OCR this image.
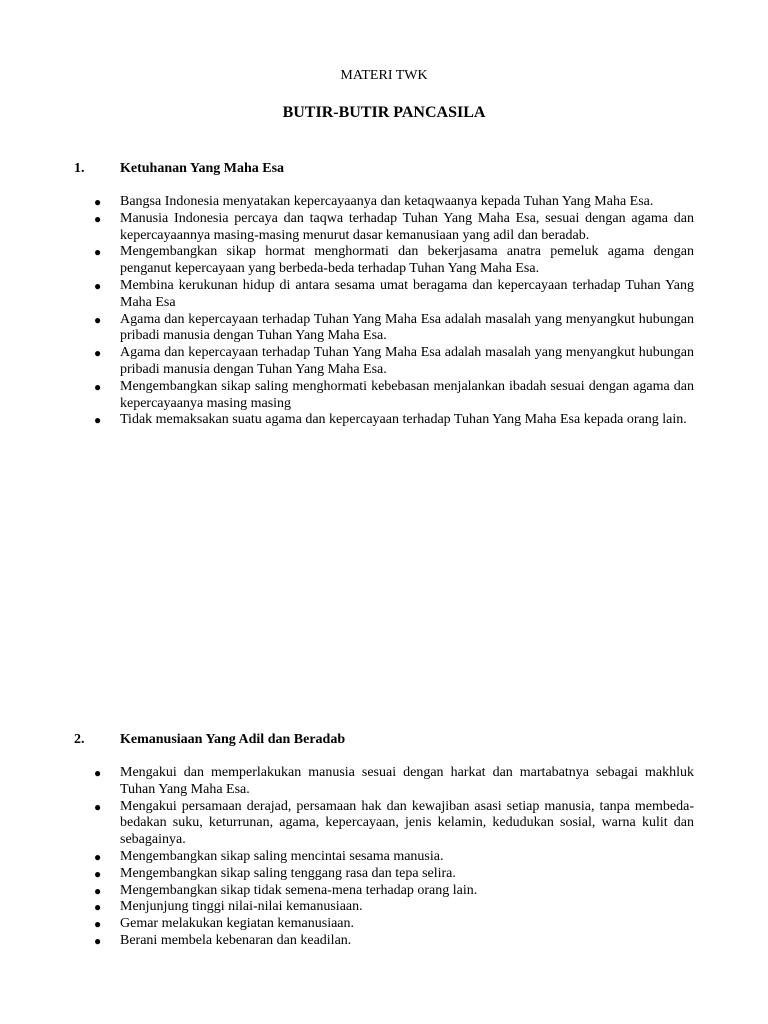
MATERI TWK
BUTIR-BUTIR PANCASILA
1.	Ketuhanan Yang Maha Esa
● Bangsa Indonesia menyatakan kepercayaanya dan ketaqwaanya kepada Tuhan Yang Maha Esa.
● Manusia Indonesia percaya dan taqwa terhadap Tuhan Yang Maha Esa, sesuai dengan agama dan kepercayaannya masing-masing menurut dasar kemanusiaan yang adil dan beradab.
● Mengembangkan sikap hormat menghormati dan bekerjasama anatra pemeluk agama dengan penganut kepercayaan yang berbeda-beda terhadap Tuhan Yang Maha Esa.
● Membina kerukunan hidup di antara sesama umat beragama dan kepercayaan terhadap Tuhan Yang Maha Esa
● Agama dan kepercayaan terhadap Tuhan Yang Maha Esa adalah masalah yang menyangkut hubungan pribadi manusia dengan Tuhan Yang Maha Esa.
● Agama dan kepercayaan terhadap Tuhan Yang Maha Esa adalah masalah yang menyangkut hubungan pribadi manusia dengan Tuhan Yang Maha Esa.
● Mengembangkan sikap saling menghormati kebebasan menjalankan ibadah sesuai dengan agama dan kepercayaanya masing masing
● Tidak memaksakan suatu agama dan kepercayaan terhadap Tuhan Yang Maha Esa kepada orang lain.
2.	Kemanusiaan Yang Adil dan Beradab
● Mengakui dan memperlakukan manusia sesuai dengan harkat dan martabatnya sebagai makhluk Tuhan Yang Maha Esa.
● Mengakui persamaan derajad, persamaan hak dan kewajiban asasi setiap manusia, tanpa membeda-bedakan suku, keturrunan, agama, kepercayaan, jenis kelamin, kedudukan sosial, warna kulit dan sebagainya.
● Mengembangkan sikap saling mencintai sesama manusia.
● Mengembangkan sikap saling tenggang rasa dan tepa selira.
● Mengembangkan sikap tidak semena-mena terhadap orang lain.
● Menjunjung tinggi nilai-nilai kemanusiaan.
● Gemar melakukan kegiatan kemanusiaan.
● Berani membela kebenaran dan keadilan.
